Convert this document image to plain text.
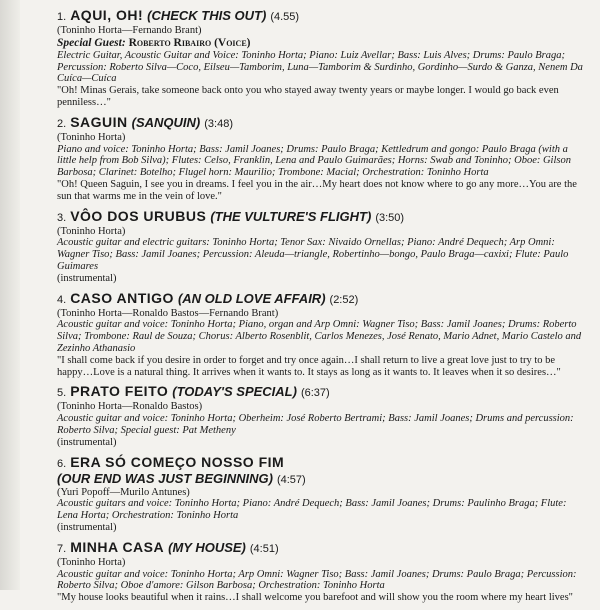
1. AQUI, OH! (CHECK THIS OUT) (4.55)
(Toninho Horta—Fernando Brant)
Special Guest: Roberto Ribairo (Voice)
Electric Guitar, Acoustic Guitar and Voice: Toninho Horta; Piano: Luiz Avellar; Bass: Luis Alves; Drums: Paulo Braga; Percussion: Roberto Silva—Coco, Eilseu—Tamborim, Luna—Tamborim & Surdinho, Gordinho—Surdo & Ganza, Nenem Da Cuíca—Cuíca
"Oh! Minas Gerais, take someone back onto you who stayed away twenty years or maybe longer. I would go back even penniless…"
2. SAGUIN (SANQUIN) (3:48)
(Toninho Horta)
Piano and voice: Toninho Horta; Bass: Jamil Joanes; Drums: Paulo Braga; Kettledrum and gongo: Paulo Braga (with a little help from Bob Silva); Flutes: Celso, Franklin, Lena and Paulo Guimarães; Horns: Swab and Toninho; Oboe: Gilson Barbosa; Clarinet: Botelho; Flugel horn: Maurilio; Trombone: Macial; Orchestration: Toninho Horta
"Oh! Queen Saguin, I see you in dreams. I feel you in the air…My heart does not know where to go any more…You are the sun that warms me in the vein of love."
3. VÔO DOS URUBUS (THE VULTURE'S FLIGHT) (3:50)
(Toninho Horta)
Acoustic guitar and electric guitars: Toninho Horta; Tenor Sax: Nivaido Ornellas; Piano: André Dequech; Arp Omni: Wagner Tiso; Bass: Jamil Joanes; Percussion: Aleuda—triangle, Robertinho—bongo, Paulo Braga—caxixi; Flute: Paulo Guimares
(instrumental)
4. CASO ANTIGO (AN OLD LOVE AFFAIR) (2:52)
(Toninho Horta—Ronaldo Bastos—Fernando Brant)
Acoustic guitar and voice: Toninho Horta; Piano, organ and Arp Omni: Wagner Tiso; Bass: Jamil Joanes; Drums: Roberto Silva; Trombone: Raul de Souza; Chorus: Alberto Rosenblit, Carlos Menezes, José Renato, Mario Adnet, Mario Castelo and Zezinho Athanasio
"I shall come back if you desire in order to forget and try once again…I shall return to live a great love just to try to be happy…Love is a natural thing. It arrives when it wants to. It stays as long as it wants to. It leaves when it so desires…"
5. PRATO FEITO (TODAY'S SPECIAL) (6:37)
(Toninho Horta—Ronaldo Bastos)
Acoustic guitar and voice: Toninho Horta; Oberheim: José Roberto Bertrami; Bass: Jamil Joanes; Drums and percussion: Roberto Silva; Special guest: Pat Metheny
(instrumental)
6. ERA SÓ COMEÇO NOSSO FIM
(OUR END WAS JUST BEGINNING) (4:57)
(Yuri Popoff—Murilo Antunes)
Acoustic guitars and voice: Toninho Horta; Piano: André Dequech; Bass: Jamil Joanes; Drums: Paulinho Braga; Flute: Lena Horta; Orchestration: Toninho Horta
(instrumental)
7. MINHA CASA (MY HOUSE) (4:51)
(Toninho Horta)
Acoustic guitar and voice: Toninho Horta; Arp Omni: Wagner Tiso; Bass: Jamil Joanes; Drums: Paulo Braga; Percussion: Roberto Silva; Oboe d'amore: Gilson Barbosa; Orchestration: Toninho Horta
"My house looks beautiful when it rains…I shall welcome you barefoot and will show you the room where my heart lives"
